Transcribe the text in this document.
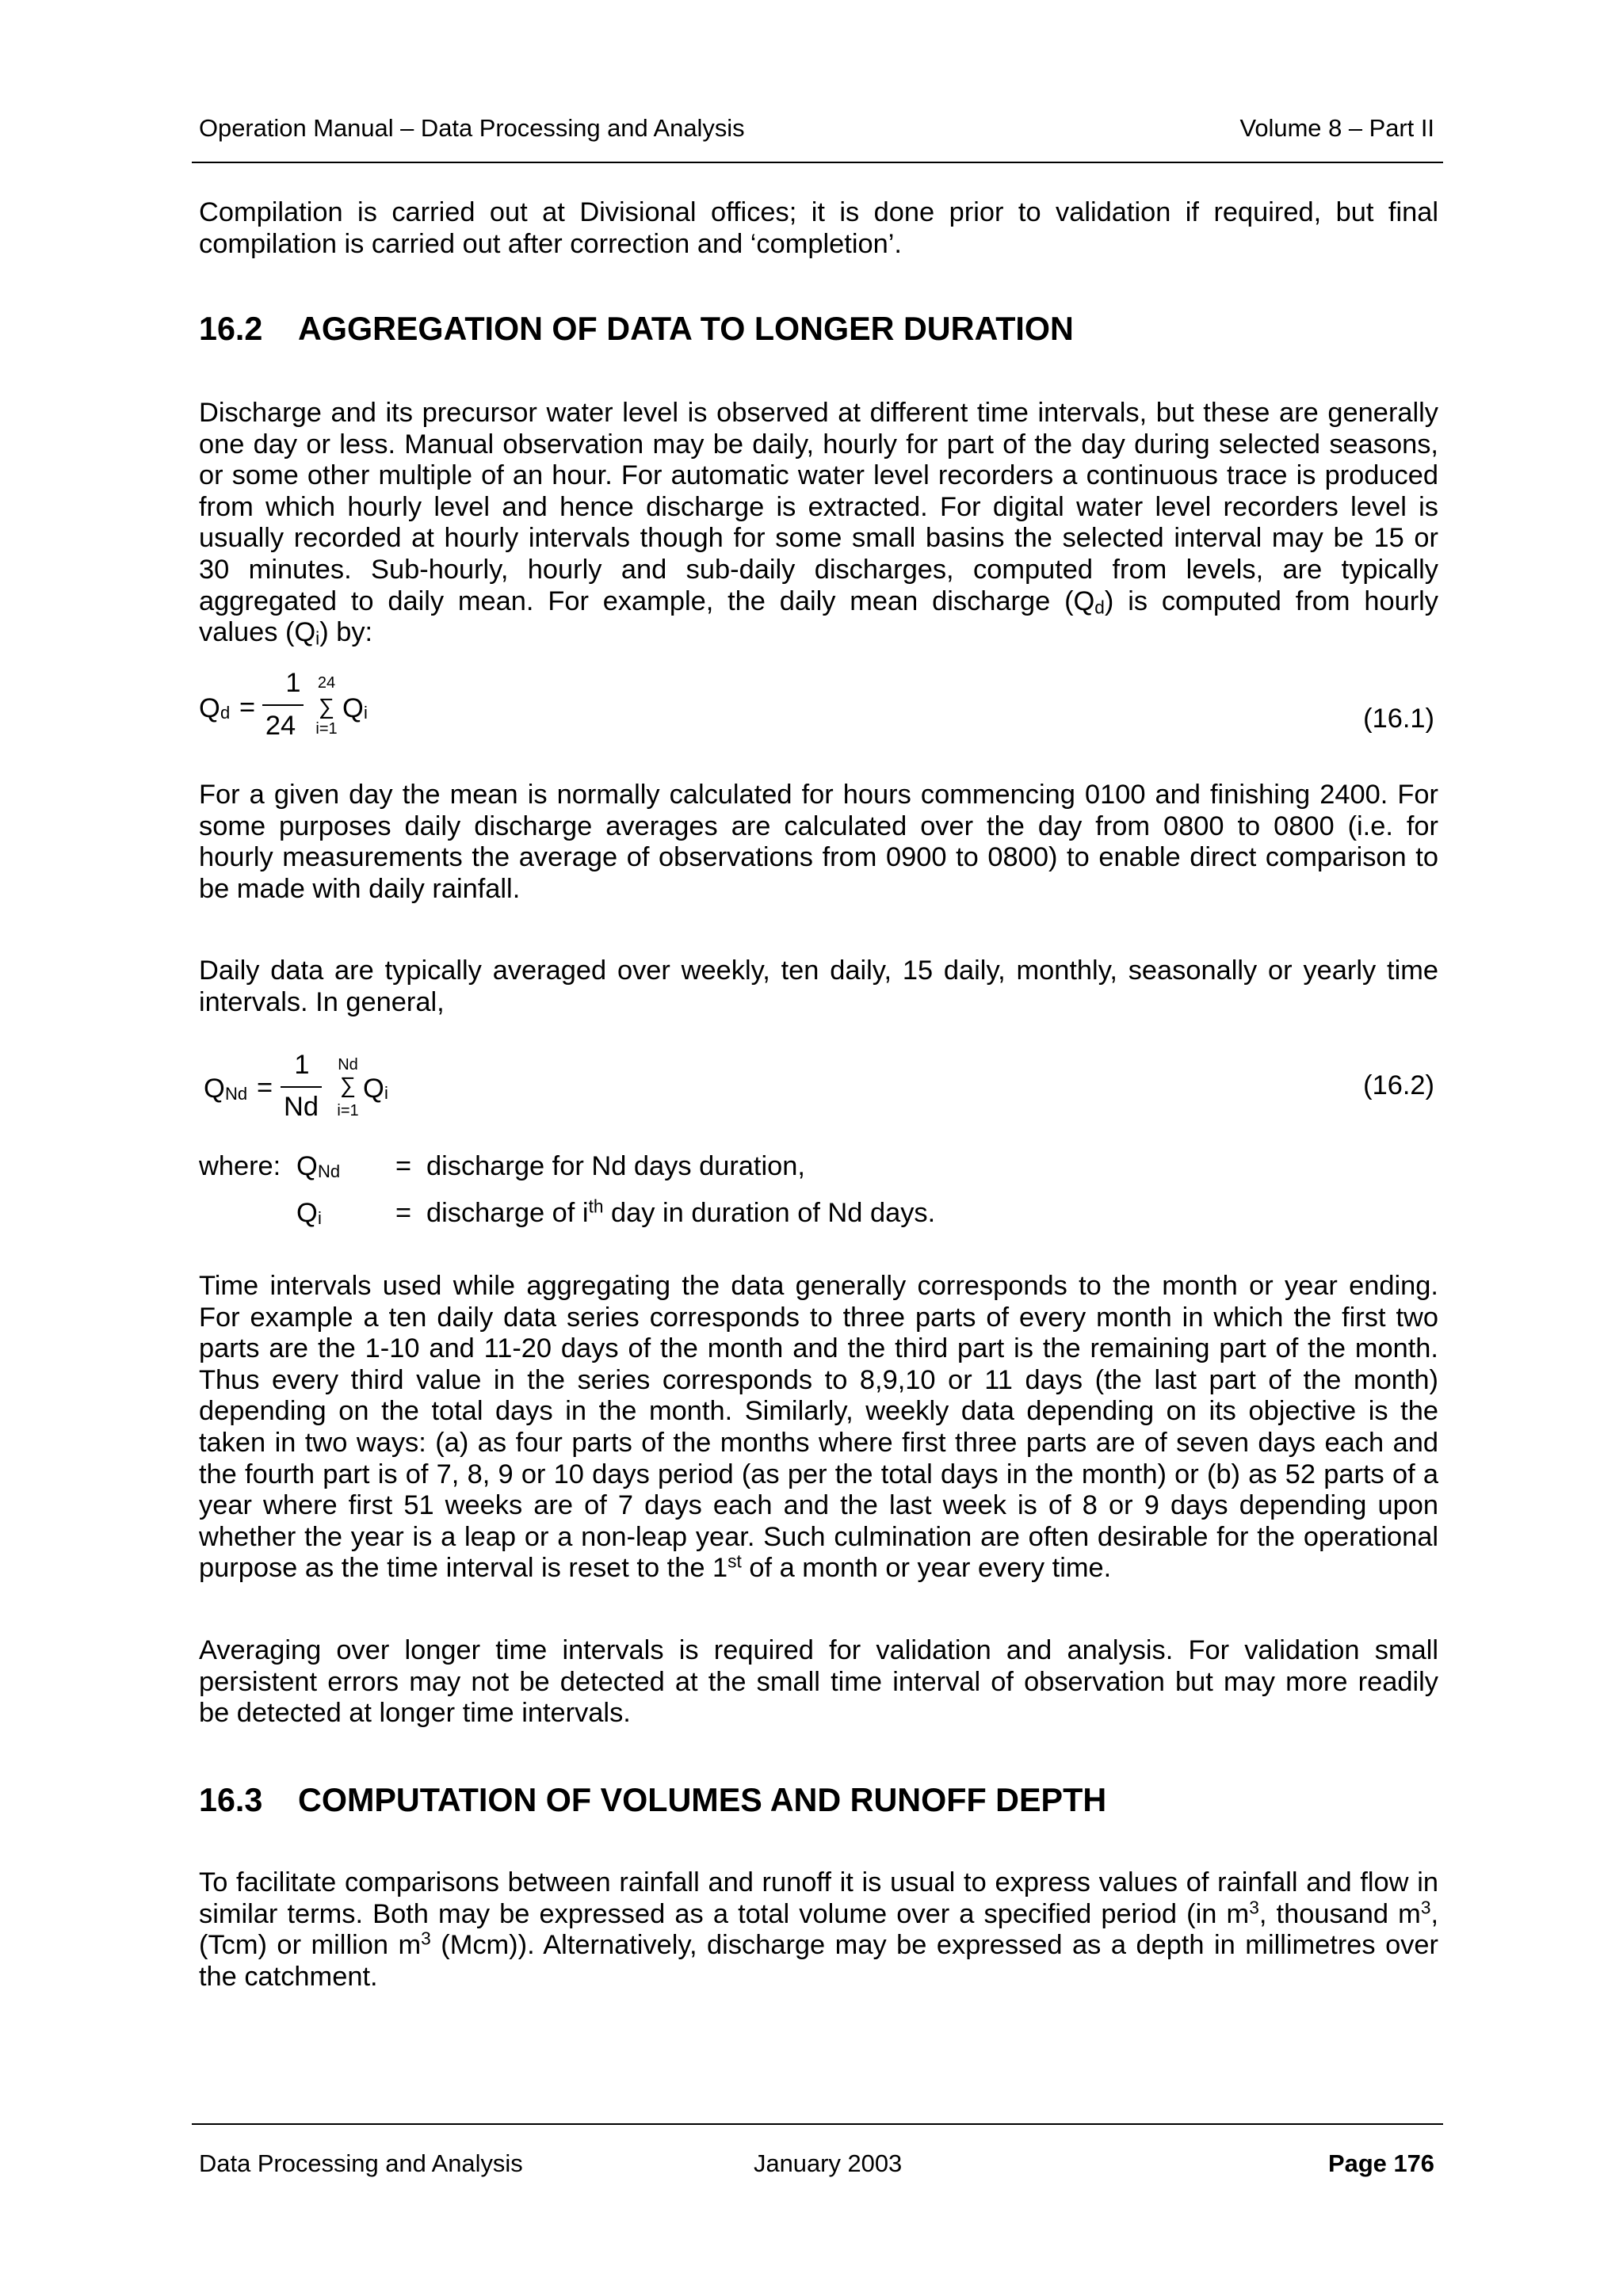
Operation Manual – Data Processing and Analysis	Volume 8 – Part II
Compilation is carried out at Divisional offices; it is done prior to validation if required, but final
compilation is carried out after correction and ‘completion’.
16.2 AGGREGATION OF DATA TO LONGER DURATION
Discharge and its precursor water level is observed at different time intervals, but these are generally
one day or less. Manual observation may be daily, hourly for part of the day during selected seasons,
or some other multiple of an hour. For automatic water level recorders a continuous trace is produced
from which hourly level and hence discharge is extracted. For digital water level recorders level is
usually recorded at hourly intervals though for some small basins the selected interval may be 15 or
30 minutes. Sub-hourly, hourly and sub-daily discharges, computed from levels, are typically
aggregated to daily mean. For example, the daily mean discharge $(Q_d)$ is computed from hourly
values $(Q_i)$ by:
Q d =
1
24
24
∑
i=1
Q i	(16.1)
For a given day the mean is normally calculated for hours commencing 0100 and finishing 2400. For
some purposes daily discharge averages are calculated over the day from 0800 to 0800 (i.e. for
hourly measurements the average of observations from 0900 to 0800) to enable direct comparison to
be made with daily rainfall.
Daily data are typically averaged over weekly, ten daily, 15 daily, monthly, seasonally or yearly time
intervals. In general,
Q Nd =
1
Nd
Nd
∑
i=1
Q i	(16.2)
where: Q Nd = discharge for Nd days duration,
Q i	= discharge of $i^{th}$ day in duration of Nd days.
Time intervals used while aggregating the data generally corresponds to the month or year ending.
For example a ten daily data series corresponds to three parts of every month in which the first two
parts are the 1-10 and 11-20 days of the month and the third part is the remaining part of the month.
Thus every third value in the series corresponds to 8,9,10 or 11 days (the last part of the month)
depending on the total days in the month. Similarly, weekly data depending on its objective is the
taken in two ways: (a) as four parts of the months where first three parts are of seven days each and
the fourth part is of 7, 8, 9 or 10 days period (as per the total days in the month) or (b) as 52 parts of a
year where first 51 weeks are of 7 days each and the last week is of 8 or 9 days depending upon
whether the year is a leap or a non-leap year. Such culmination are often desirable for the operational
purpose as the time interval is reset to the 1st of a month or year every time.
Averaging over longer time intervals is required for validation and analysis. For validation small
persistent errors may not be detected at the small time interval of observation but may more readily
be detected at longer time intervals.
16.3 COMPUTATION OF VOLUMES AND RUNOFF DEPTH
To facilitate comparisons between rainfall and runoff it is usual to express values of rainfall and flow in
similar terms. Both may be expressed as a total volume over a specified period (in $m^3$, thousand $m^3$,
(Tcm) or million $m^3$ (Mcm)). Alternatively, discharge may be expressed as a depth in millimetres over
the catchment.
Data Processing and Analysis	January 2003	Page 176
